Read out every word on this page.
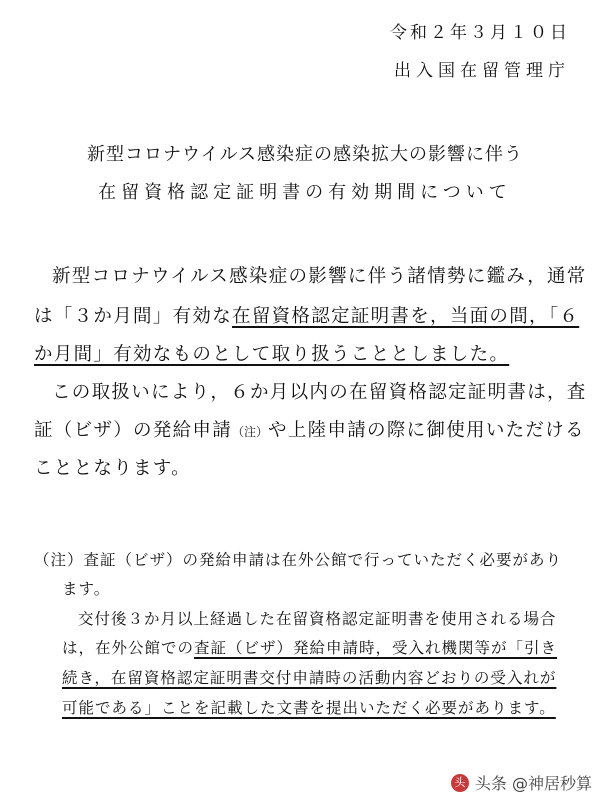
令和２年３月１０日
出入国在留管理庁
新型コロナウイルス感染症の感染拡大の影響に伴う
在留資格認定証明書の有効期間について
新型コロナウイルス感染症の影響に伴う諸情勢に鑑み，通常
は「３か月間」有効な在留資格認定証明書を，当面の間，「６
か月間」有効なものとして取り扱うこととしました。
この取扱いにより，６か月以内の在留資格認定証明書は，査
証（ビザ）の発給申請（注）や上陸申請の際に御使用いただける
こととなります。
（注）査証（ビザ）の発給申請は在外公館で行っていただく必要があり
ます。
交付後３か月以上経過した在留資格認定証明書を使用される場合
は，在外公館での査証（ビザ）発給申請時，受入れ機関等が「引き
続き，在留資格認定証明書交付申請時の活動内容どおりの受入れが
可能である」ことを記載した文書を提出いただく必要があります。
头 头条 @神居秒算
